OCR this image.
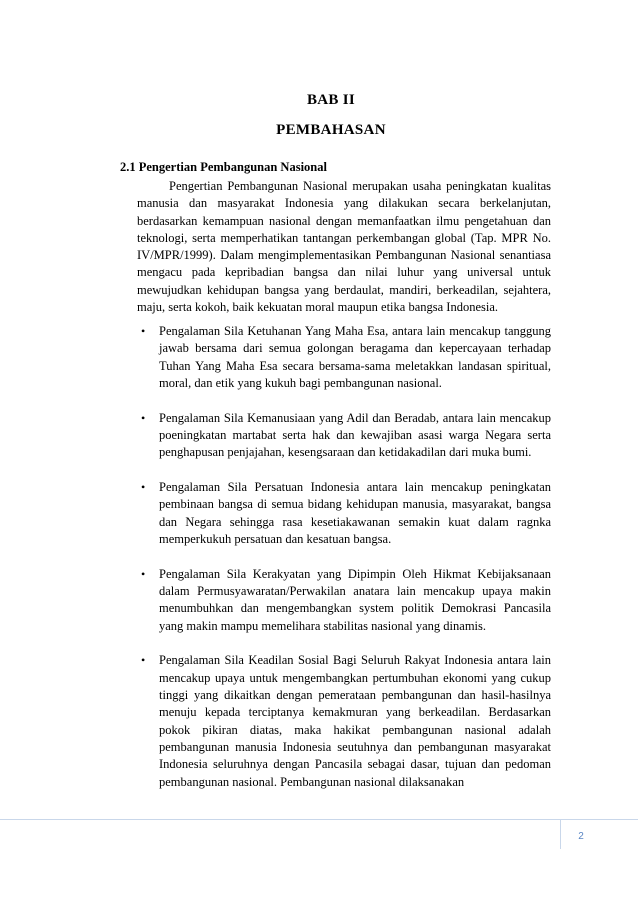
BAB II
PEMBAHASAN
2.1 Pengertian Pembangunan Nasional

Pengertian Pembangunan Nasional merupakan usaha peningkatan kualitas manusia dan masyarakat Indonesia yang dilakukan secara berkelanjutan, berdasarkan kemampuan nasional dengan memanfaatkan ilmu pengetahuan dan teknologi, serta memperhatikan tantangan perkembangan global (Tap. MPR No. IV/MPR/1999). Dalam mengimplementasikan Pembangunan Nasional senantiasa mengacu pada kepribadian bangsa dan nilai luhur yang universal untuk mewujudkan kehidupan bangsa yang berdaulat, mandiri, berkeadilan, sejahtera, maju, serta kokoh, baik kekuatan moral maupun etika bangsa Indonesia.

• Pengalaman Sila Ketuhanan Yang Maha Esa, antara lain mencakup tanggung jawab bersama dari semua golongan beragama dan kepercayaan terhadap Tuhan Yang Maha Esa secara bersama-sama meletakkan landasan spiritual, moral, dan etik yang kukuh bagi pembangunan nasional.
• Pengalaman Sila Kemanusiaan yang Adil dan Beradab, antara lain mencakup poeningkatan martabat serta hak dan kewajiban asasi warga Negara serta penghapusan penjajahan, kesengsaraan dan ketidakadilan dari muka bumi.
• Pengalaman Sila Persatuan Indonesia antara lain mencakup peningkatan pembinaan bangsa di semua bidang kehidupan manusia, masyarakat, bangsa dan Negara sehingga rasa kesetiakawanan semakin kuat dalam ragnka memperkukuh persatuan dan kesatuan bangsa.
• Pengalaman Sila Kerakyatan yang Dipimpin Oleh Hikmat Kebijaksanaan dalam Permusyawaratan/Perwakilan anatara lain mencakup upaya makin menumbuhkan dan mengembangkan system politik Demokrasi Pancasila yang makin mampu memelihara stabilitas nasional yang dinamis.
• Pengalaman Sila Keadilan Sosial Bagi Seluruh Rakyat Indonesia antara lain mencakup upaya untuk mengembangkan pertumbuhan ekonomi yang cukup tinggi yang dikaitkan dengan pemerataan pembangunan dan hasil-hasilnya menuju kepada terciptanya kemakmuran yang berkeadilan. Berdasarkan pokok pikiran diatas, maka hakikat pembangunan nasional adalah pembangunan manusia Indonesia seutuhnya dan pembangunan masyarakat Indonesia seluruhnya dengan Pancasila sebagai dasar, tujuan dan pedoman pembangunan nasional. Pembangunan nasional dilaksanakan
2
